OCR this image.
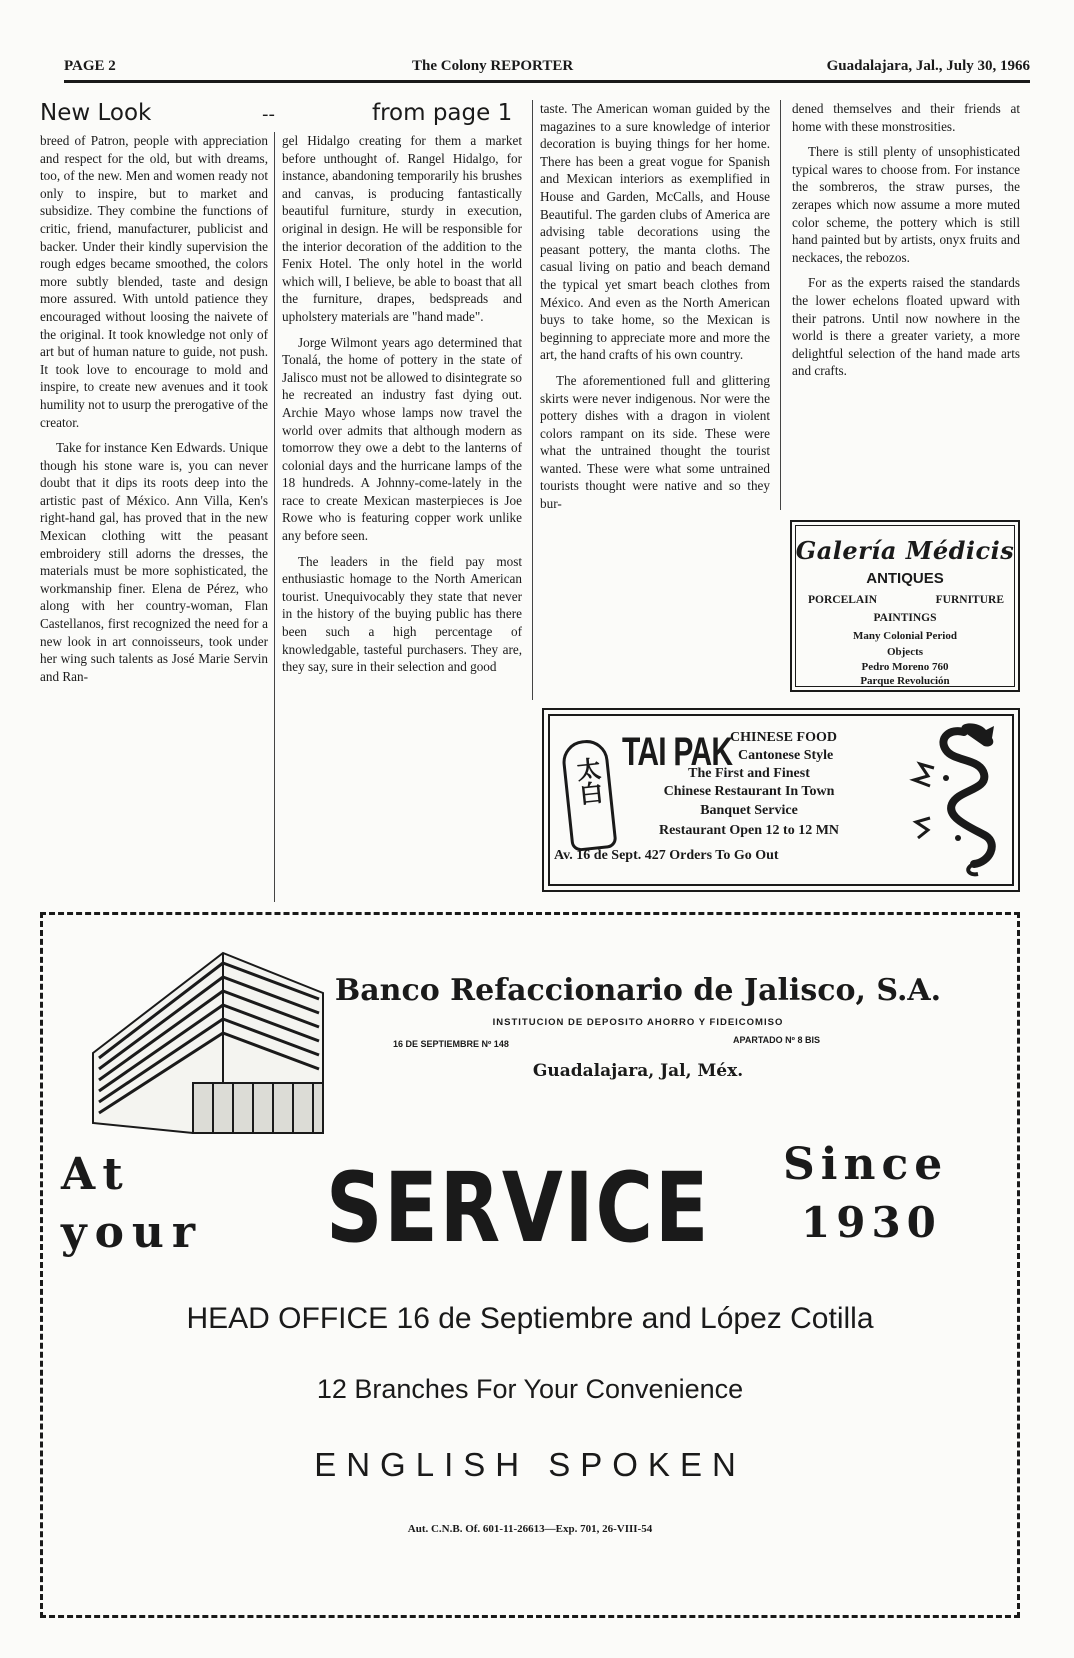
PAGE 2	The Colony REPORTER	Guadalajara, Jal., July 30, 1966
New Look	--	from page 1

breed of Patron, people with appreciation and respect for the old, but with dreams, too, of the new. Men and women ready not only to inspire, but to market and subsidize. They combine the functions of critic, friend, manufacturer, publicist and backer. Under their kindly supervision the rough edges became smoothed, the colors more subtly blended, taste and design more assured. With untold patience they encouraged without loosing the naivete of the original. It took knowledge not only of art but of human nature to guide, not push. It took love to encourage to mold and inspire, to create new avenues and it took humility not to usurp the prerogative of the creator.

Take for instance Ken Edwards. Unique though his stone ware is, you can never doubt that it dips its roots deep into the artistic past of México. Ann Villa, Ken's right-hand gal, has proved that in the new Mexican clothing witt the peasant embroidery still adorns the dresses, the materials must be more sophisticated, the workmanship finer. Elena de Pérez, who along with her country-woman, Flan Castellanos, first recognized the need for a new look in art connoisseurs, took under her wing such talents as José Marie Servin and Ran-

gel Hidalgo creating for them a market before unthought of. Rangel Hidalgo, for instance, abandoning temporarily his brushes and canvas, is producing fantastically beautiful furniture, sturdy in execution, original in design. He will be responsible for the interior decoration of the addition to the Fenix Hotel. The only hotel in the world which will, I believe, be able to boast that all the furniture, drapes, bedspreads and upholstery materials are "hand made".

Jorge Wilmont years ago determined that Tonalá, the home of pottery in the state of Jalisco must not be allowed to disintegrate so he recreated an industry fast dying out. Archie Mayo whose lamps now travel the world over admits that although modern as tomorrow they owe a debt to the lanterns of colonial days and the hurricane lamps of the 18 hundreds. A Johnny-come-lately in the race to create Mexican masterpieces is Joe Rowe who is featuring copper work unlike any before seen.

The leaders in the field pay most enthusiastic homage to the North American tourist. Unequivocably they state that never in the history of the buying public has there been such a high percentage of knowledgable, tasteful purchasers. They are, they say, sure in their selection and good

taste. The American woman guided by the magazines to a sure knowledge of interior decoration is buying things for her home. There has been a great vogue for Spanish and Mexican interiors as exemplified in House and Garden, McCalls, and House Beautiful. The garden clubs of America are advising table decorations using the peasant pottery, the manta cloths. The casual living on patio and beach demand the typical yet smart beach clothes from México. And even as the North American buys to take home, so the Mexican is beginning to appreciate more and more the art, the hand crafts of his own country.

The aforementioned full and glittering skirts were never indigenous. Nor were the pottery dishes with a dragon in violent colors rampant on its side. These were what the untrained thought the tourist wanted. These were what some untrained tourists thought were native and so they bur-

dened themselves and their friends at home with these monstrosities.

There is still plenty of unsophisticated typical wares to choose from. For instance the sombreros, the straw purses, the zerapes which now assume a more muted color scheme, the pottery which is still hand painted but by artists, onyx fruits and neckaces, the rebozos.

For as the experts raised the standards the lower echelons floated upward with their patrons. Until now nowhere in the world is there a greater variety, a more delightful selection of the hand made arts and crafts.

Galería Médicis
ANTIQUES
PORCELAIN	FURNITURE
PAINTINGS
Many Colonial Period
Objects
Pedro Moreno 760
Parque Revolución
太白
TAI PAK
CHINESE FOOD
Cantonese Style
The First and Finest
Chinese Restaurant In Town
Banquet Service
Restaurant Open 12 to 12 MN
Av. 16 de Sept. 427 Orders To Go Out
Banco Refaccionario de Jalisco, S.A.
INSTITUCION DE DEPOSITO AHORRO Y FIDEICOMISO
16 DE SEPTIEMBRE Nº 148	APARTADO Nº 8 BIS
Guadalajara, Jal, Méx.
At
your SERVICE Since
1930
HEAD OFFICE 16 de Septiembre and López Cotilla
12 Branches For Your Convenience
ENGLISH SPOKEN
Aut. C.N.B. Of. 601-11-26613—Exp. 701, 26-VIII-54
